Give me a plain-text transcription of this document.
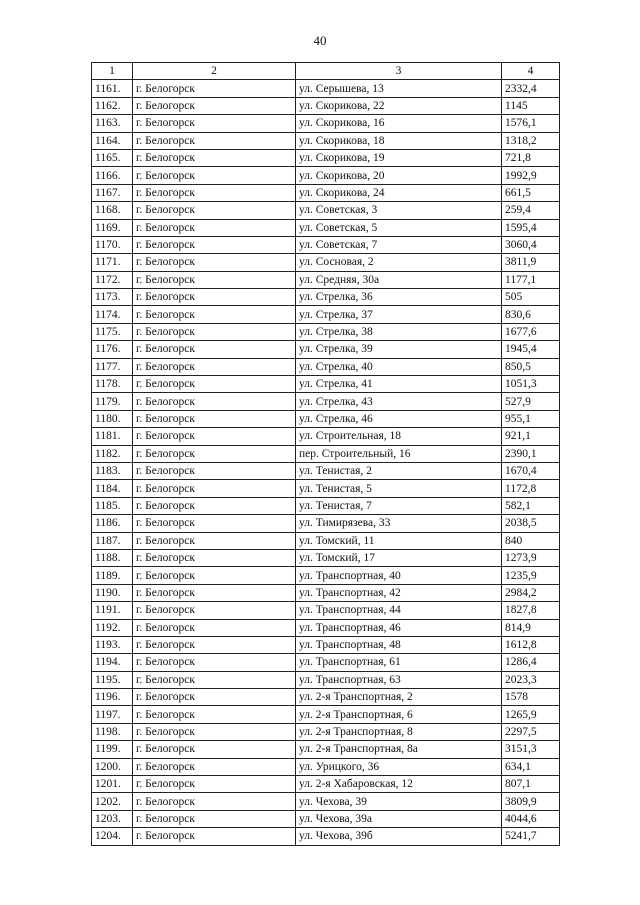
40
1	2	3	4
1161.	г. Белогорск	ул. Серышева, 13	2332,4
1162.	г. Белогорск	ул. Скорикова, 22	1145
1163.	г. Белогорск	ул. Скорикова, 16	1576,1
1164.	г. Белогорск	ул. Скорикова, 18	1318,2
1165.	г. Белогорск	ул. Скорикова, 19	721,8
1166.	г. Белогорск	ул. Скорикова, 20	1992,9
1167.	г. Белогорск	ул. Скорикова, 24	661,5
1168.	г. Белогорск	ул. Советская, 3	259,4
1169.	г. Белогорск	ул. Советская, 5	1595,4
1170.	г. Белогорск	ул. Советская, 7	3060,4
1171.	г. Белогорск	ул. Сосновая, 2	3811,9
1172.	г. Белогорск	ул. Средняя, 30а	1177,1
1173.	г. Белогорск	ул. Стрелка, 36	505
1174.	г. Белогорск	ул. Стрелка, 37	830,6
1175.	г. Белогорск	ул. Стрелка, 38	1677,6
1176.	г. Белогорск	ул. Стрелка, 39	1945,4
1177.	г. Белогорск	ул. Стрелка, 40	850,5
1178.	г. Белогорск	ул. Стрелка, 41	1051,3
1179.	г. Белогорск	ул. Стрелка, 43	527,9
1180.	г. Белогорск	ул. Стрелка, 46	955,1
1181.	г. Белогорск	ул. Строительная, 18	921,1
1182.	г. Белогорск	пер. Строительный, 16	2390,1
1183.	г. Белогорск	ул. Тенистая, 2	1670,4
1184.	г. Белогорск	ул. Тенистая, 5	1172,8
1185.	г. Белогорск	ул. Тенистая, 7	582,1
1186.	г. Белогорск	ул. Тимирязева, 33	2038,5
1187.	г. Белогорск	ул. Томский, 11	840
1188.	г. Белогорск	ул. Томский, 17	1273,9
1189.	г. Белогорск	ул. Транспортная, 40	1235,9
1190.	г. Белогорск	ул. Транспортная, 42	2984,2
1191.	г. Белогорск	ул. Транспортная, 44	1827,8
1192.	г. Белогорск	ул. Транспортная, 46	814,9
1193.	г. Белогорск	ул. Транспортная, 48	1612,8
1194.	г. Белогорск	ул. Транспортная, 61	1286,4
1195.	г. Белогорск	ул. Транспортная, 63	2023,3
1196.	г. Белогорск	ул. 2-я Транспортная, 2	1578
1197.	г. Белогорск	ул. 2-я Транспортная, 6	1265,9
1198.	г. Белогорск	ул. 2-я Транспортная, 8	2297,5
1199.	г. Белогорск	ул. 2-я Транспортная, 8а	3151,3
1200.	г. Белогорск	ул. Урицкого, 36	634,1
1201.	г. Белогорск	ул. 2-я Хабаровская, 12	807,1
1202.	г. Белогорск	ул. Чехова, 39	3809,9
1203.	г. Белогорск	ул. Чехова, 39а	4044,6
1204.	г. Белогорск	ул. Чехова, 39б	5241,7
